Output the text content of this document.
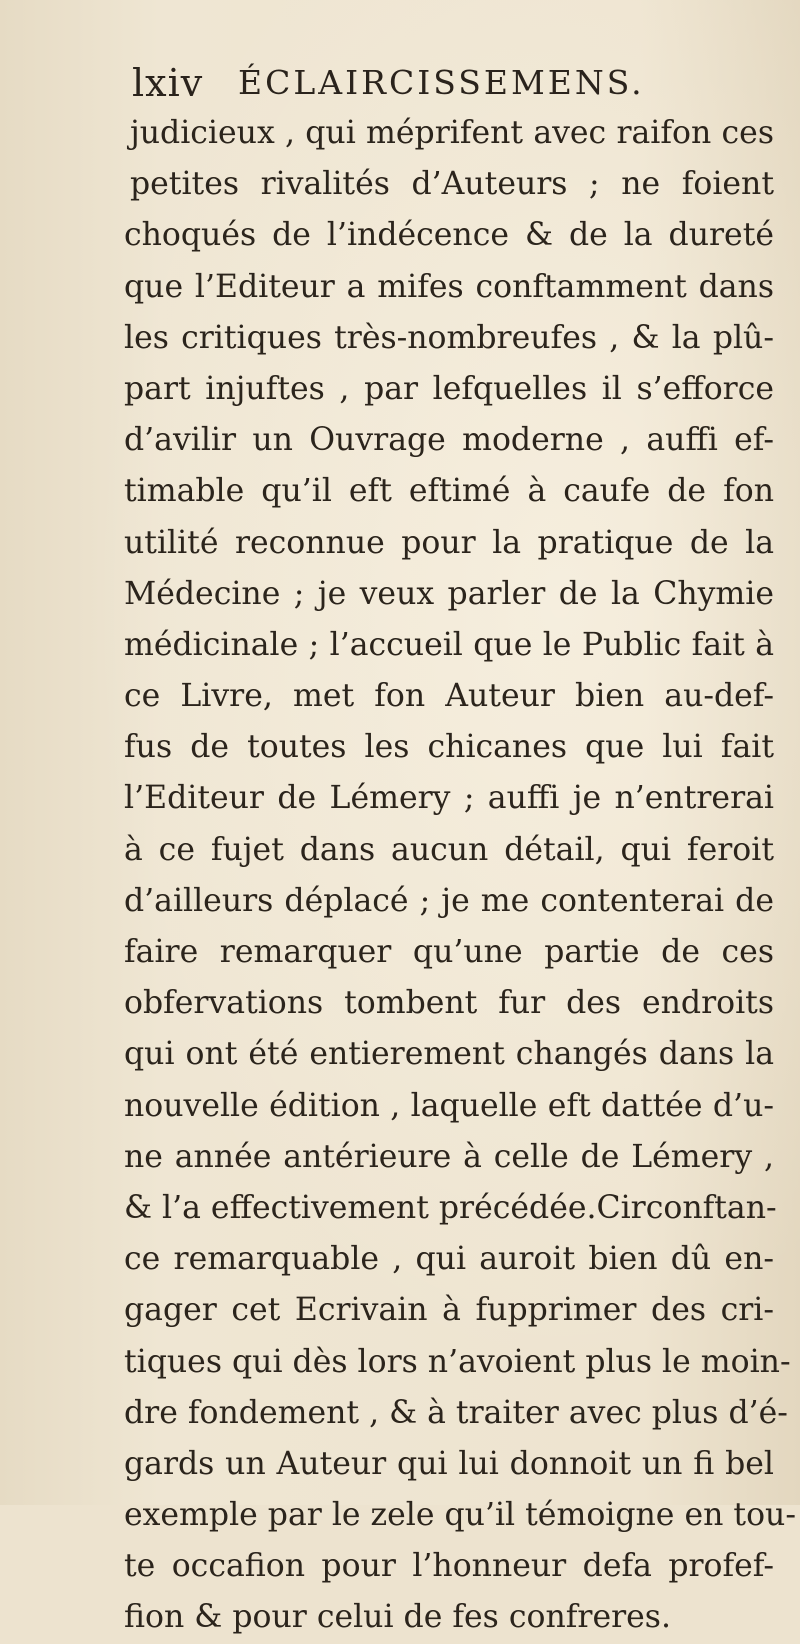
lxiv ÉCLAIRCISSEMENS.
judicieux , qui méprifent avec raifon ces
petites rivalités d’Auteurs ; ne foient
choqués de l’indécence & de la dureté
que l’Editeur a mifes conftamment dans
les critiques très-nombreufes , & la plû-
part injuftes , par lefquelles il s’efforce
d’avilir un Ouvrage moderne , auffi ef-
timable qu’il eft eftimé à caufe de fon
utilité reconnue pour la pratique de la
Médecine ; je veux parler de la Chymie
médicinale ; l’accueil que le Public fait à
ce Livre, met fon Auteur bien au-def-
fus de toutes les chicanes que lui fait
l’Editeur de Lémery ; auffi je n’entrerai
à ce fujet dans aucun détail, qui feroit
d’ailleurs déplacé ; je me contenterai de
faire remarquer qu’une partie de ces
obfervations tombent fur des endroits
qui ont été entierement changés dans la
nouvelle édition , laquelle eft dattée d’u-
ne année antérieure à celle de Lémery ,
& l’a effectivement précédée.Circonftan-
ce remarquable , qui auroit bien dû en-
gager cet Ecrivain à fupprimer des cri-
tiques qui dès lors n’avoient plus le moin-
dre fondement , & à traiter avec plus d’é-
gards un Auteur qui lui donnoit un fi bel
exemple par le zele qu’il témoigne en tou-
te occafion pour l’honneur defa profef-
fion & pour celui de fes confreres.
